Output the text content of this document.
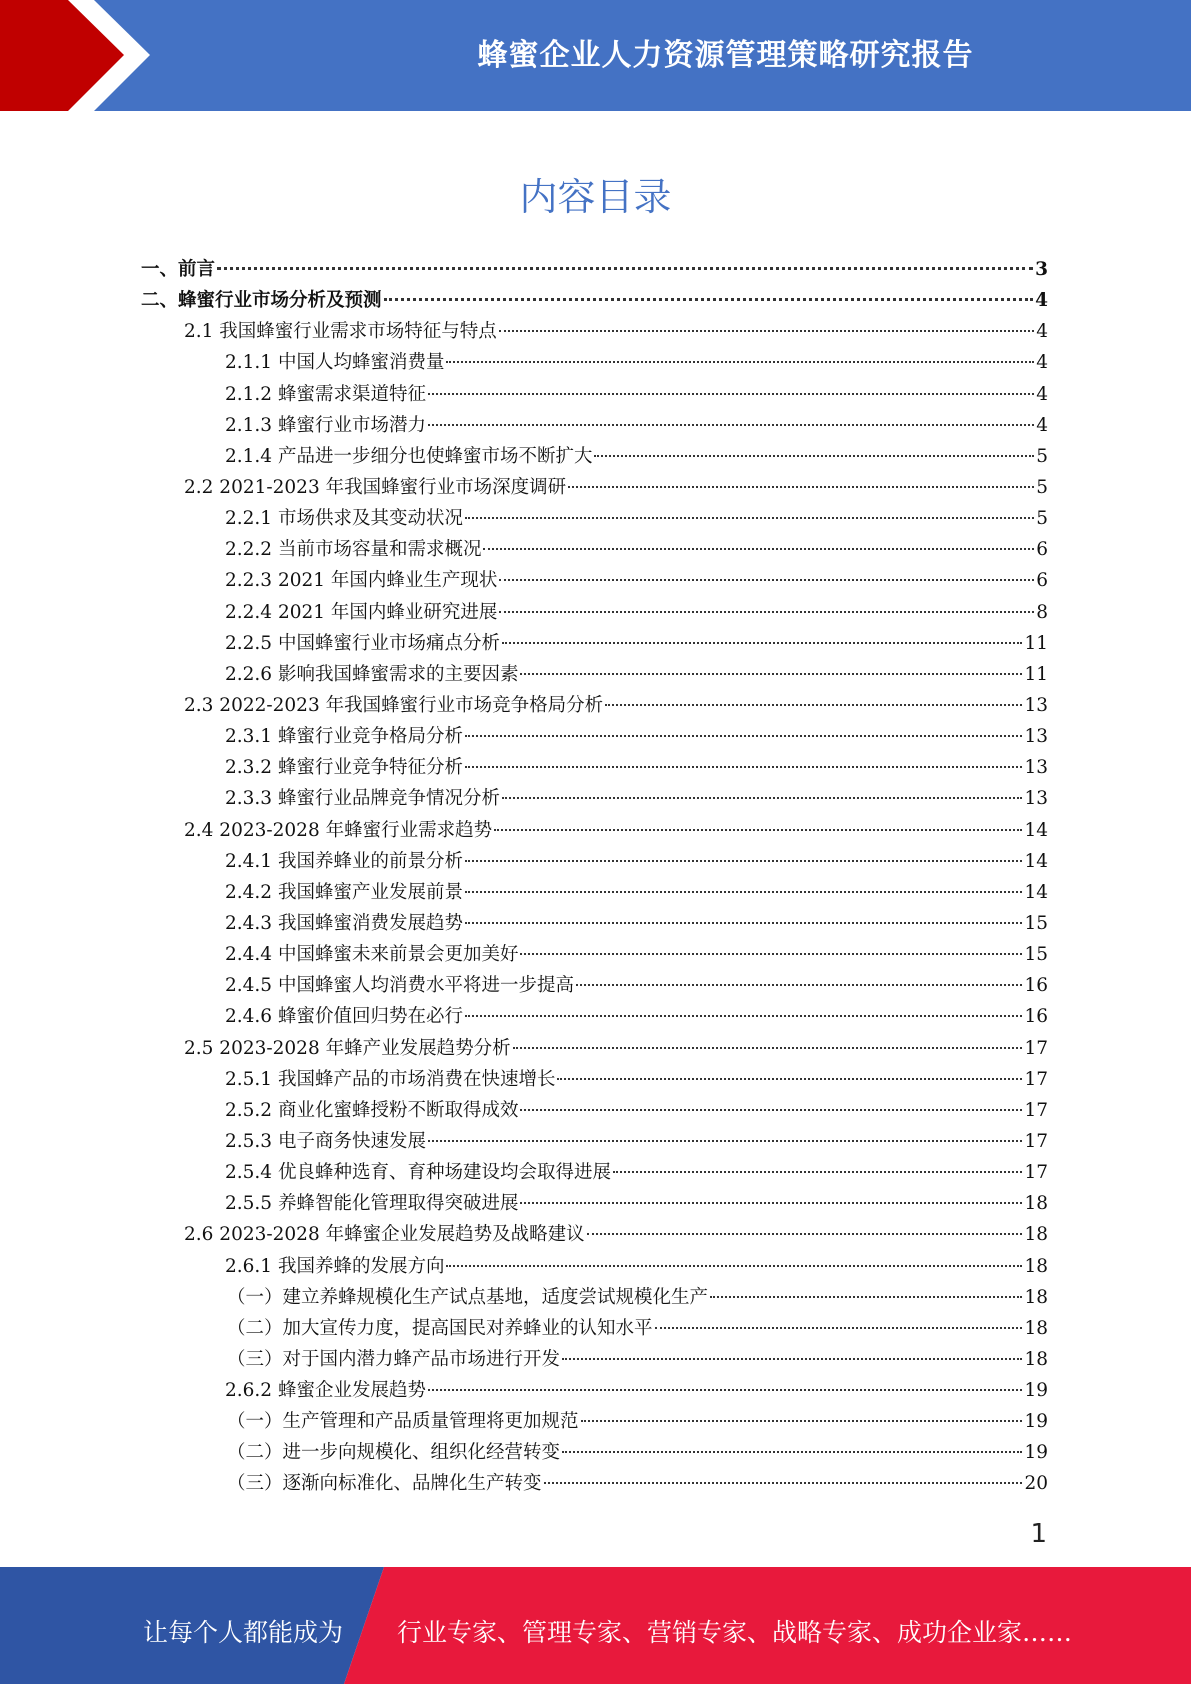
蜂蜜企业人力资源管理策略研究报告
内容目录
一、前言	3
二、蜂蜜行业市场分析及预测	4
2.1 我国蜂蜜行业需求市场特征与特点	4
2.1.1 中国人均蜂蜜消费量	4
2.1.2 蜂蜜需求渠道特征	4
2.1.3 蜂蜜行业市场潜力	4
2.1.4 产品进一步细分也使蜂蜜市场不断扩大	5
2.2 2021-2023 年我国蜂蜜行业市场深度调研	5
2.2.1 市场供求及其变动状况	5
2.2.2 当前市场容量和需求概况	6
2.2.3 2021 年国内蜂业生产现状	6
2.2.4 2021 年国内蜂业研究进展	8
2.2.5 中国蜂蜜行业市场痛点分析	11
2.2.6 影响我国蜂蜜需求的主要因素	11
2.3 2022-2023 年我国蜂蜜行业市场竞争格局分析	13
2.3.1 蜂蜜行业竞争格局分析	13
2.3.2 蜂蜜行业竞争特征分析	13
2.3.3 蜂蜜行业品牌竞争情况分析	13
2.4 2023-2028 年蜂蜜行业需求趋势	14
2.4.1 我国养蜂业的前景分析	14
2.4.2 我国蜂蜜产业发展前景	14
2.4.3 我国蜂蜜消费发展趋势	15
2.4.4 中国蜂蜜未来前景会更加美好	15
2.4.5 中国蜂蜜人均消费水平将进一步提高	16
2.4.6 蜂蜜价值回归势在必行	16
2.5 2023-2028 年蜂产业发展趋势分析	17
2.5.1 我国蜂产品的市场消费在快速增长	17
2.5.2 商业化蜜蜂授粉不断取得成效	17
2.5.3 电子商务快速发展	17
2.5.4 优良蜂种选育、育种场建设均会取得进展	17
2.5.5 养蜂智能化管理取得突破进展	18
2.6 2023-2028 年蜂蜜企业发展趋势及战略建议	18
2.6.1 我国养蜂的发展方向	18
（一）建立养蜂规模化生产试点基地，适度尝试规模化生产	18
（二）加大宣传力度，提高国民对养蜂业的认知水平	18
（三）对于国内潜力蜂产品市场进行开发	18
2.6.2 蜂蜜企业发展趋势	19
（一）生产管理和产品质量管理将更加规范	19
（二）进一步向规模化、组织化经营转变	19
（三）逐渐向标准化、品牌化生产转变	20
1
让每个人都能成为 行业专家、管理专家、营销专家、战略专家、成功企业家……
